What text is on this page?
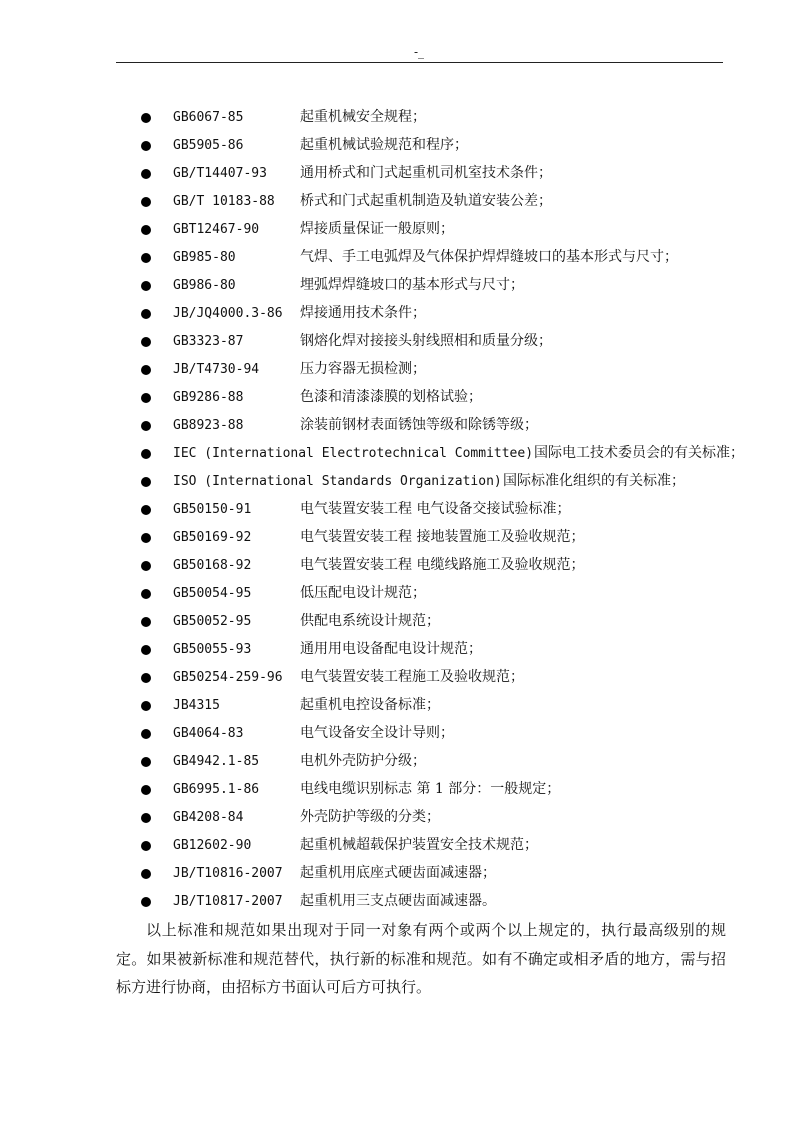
-_
GB6067-85	起重机械安全规程；
GB5905-86	起重机械试验规范和程序；
GB/T14407-93 通用桥式和门式起重机司机室技术条件；
GB/T 10183-88 桥式和门式起重机制造及轨道安装公差；
GBT12467-90	焊接质量保证一般原则；
GB985-80	气焊、手工电弧焊及气体保护焊焊缝坡口的基本形式与尺寸；
GB986-80	埋弧焊焊缝坡口的基本形式与尺寸；
JB/JQ4000.3-86 焊接通用技术条件；
GB3323-87	钢熔化焊对接接头射线照相和质量分级；
JB/T4730-94	压力容器无损检测；
GB9286-88	色漆和清漆漆膜的划格试验；
GB8923-88	涂装前钢材表面锈蚀等级和除锈等级；
IEC (International Electrotechnical Committee) 国际电工技术委员会的有关标准；
ISO (International Standards Organization) 国际标准化组织的有关标准；
GB50150-91	电气装置安装工程 电气设备交接试验标准；
GB50169-92	电气装置安装工程 接地装置施工及验收规范；
GB50168-92	电气装置安装工程 电缆线路施工及验收规范；
GB50054-95	低压配电设计规范；
GB50052-95	供配电系统设计规范；
GB50055-93	通用用电设备配电设计规范；
GB50254-259-96 电气装置安装工程施工及验收规范；
JB4315	起重机电控设备标准；
GB4064-83	电气设备安全设计导则；
GB4942.1-85	电机外壳防护分级；
GB6995.1-86	电线电缆识别标志 第 1 部分：一般规定；
GB4208-84	外壳防护等级的分类；
GB12602-90	起重机械超载保护装置安全技术规范；
JB/T10816-2007 起重机用底座式硬齿面减速器；
JB/T10817-2007 起重机用三支点硬齿面减速器。

以上标准和规范如果出现对于同一对象有两个或两个以上规定的，执行最高级别的规定。如果被新标准和规范替代，执行新的标准和规范。如有不确定或相矛盾的地方，需与招标方进行协商，由招标方书面认可后方可执行。
